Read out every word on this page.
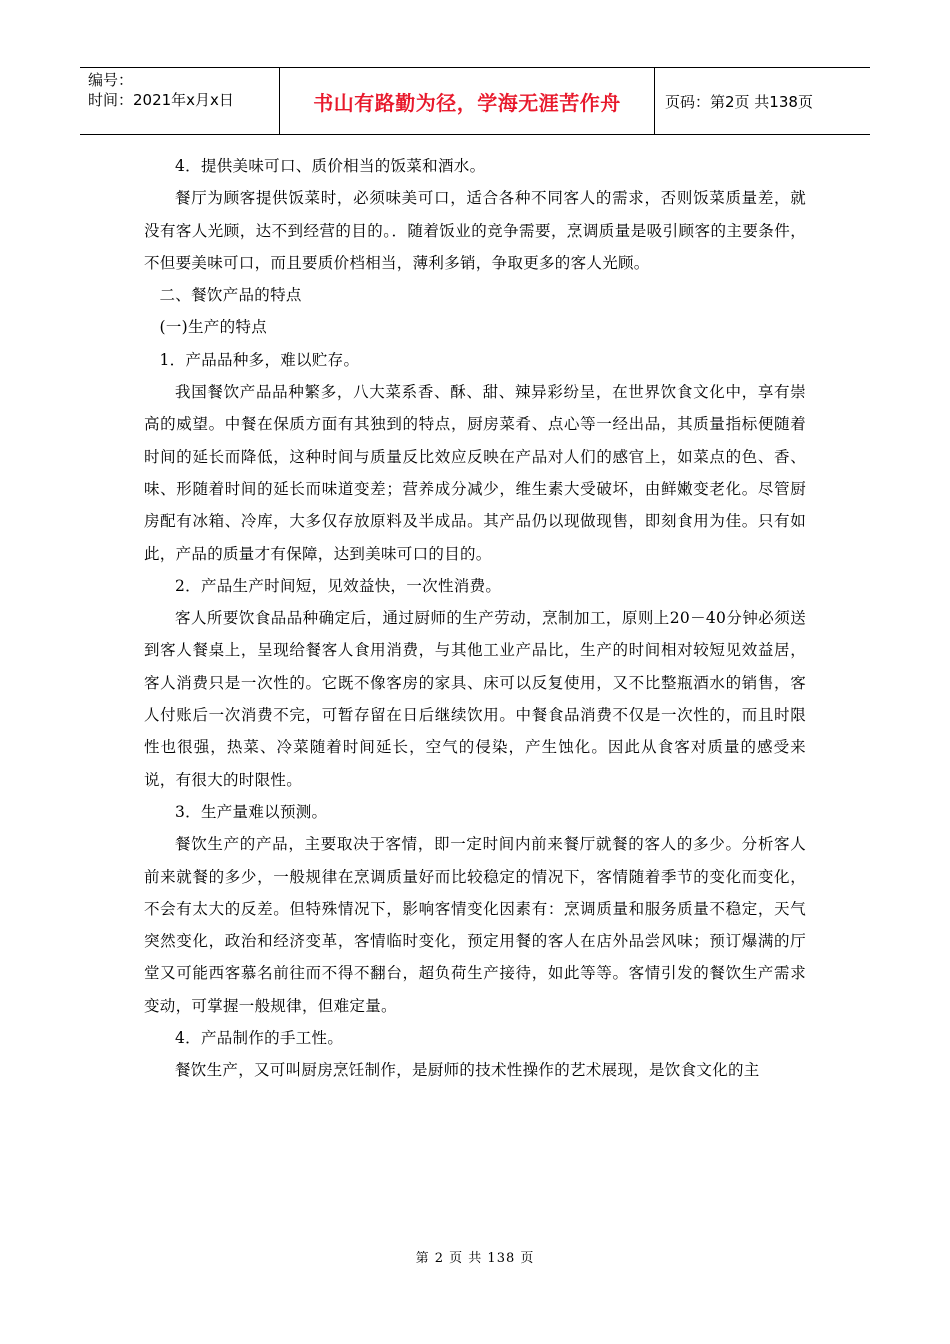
编号：
时间：2021年x月x日	书山有路勤为径，学海无涯苦作舟	页码：第2页 共138页

4．提供美味可口、质价相当的饭菜和酒水。

餐厅为顾客提供饭菜时，必须味美可口，适合各种不同客人的需求，否则饭菜质量差，就没有客人光顾，达不到经营的目的。．随着饭业的竞争需要，烹调质量是吸引顾客的主要条件，不但要美味可口，而且要质价档相当，薄利多销，争取更多的客人光顾。

二、餐饮产品的特点

(一)生产的特点

1．产品品种多，难以贮存。

我国餐饮产品品种繁多，八大菜系香、酥、甜、辣异彩纷呈，在世界饮食文化中，享有崇高的威望。中餐在保质方面有其独到的特点，厨房菜肴、点心等一经出品，其质量指标便随着时间的延长而降低，这种时间与质量反比效应反映在产品对人们的感官上，如菜点的色、香、味、形随着时间的延长而味道变差；营养成分减少，维生素大受破坏，由鲜嫩变老化。尽管厨房配有冰箱、冷库，大多仅存放原料及半成品。其产品仍以现做现售，即刻食用为佳。只有如此，产品的质量才有保障，达到美味可口的目的。

2．产品生产时间短，见效益快，一次性消费。

客人所要饮食品品种确定后，通过厨师的生产劳动，烹制加工，原则上20－40分钟必须送到客人餐桌上，呈现给餐客人食用消费，与其他工业产品比，生产的时间相对较短见效益居，客人消费只是一次性的。它既不像客房的家具、床可以反复使用，又不比整瓶酒水的销售，客人付账后一次消费不完，可暂存留在日后继续饮用。中餐食品消费不仅是一次性的，而且时限性也很强，热菜、冷菜随着时间延长，空气的侵染，产生蚀化。因此从食客对质量的感受来说，有很大的时限性。

3．生产量难以预测。

餐饮生产的产品，主要取决于客情，即一定时间内前来餐厅就餐的客人的多少。分析客人前来就餐的多少，一般规律在烹调质量好而比较稳定的情况下，客情随着季节的变化而变化，不会有太大的反差。但特殊情况下，影响客情变化因素有：烹调质量和服务质量不稳定，天气突然变化，政治和经济变革，客情临时变化，预定用餐的客人在店外品尝风味；预订爆满的厅堂又可能西客慕名前往而不得不翻台，超负荷生产接待，如此等等。客情引发的餐饮生产需求变动，可掌握一般规律，但难定量。

4．产品制作的手工性。

餐饮生产，又可叫厨房烹饪制作，是厨师的技术性操作的艺术展现，是饮食文化的主

第 2 页 共 138 页
